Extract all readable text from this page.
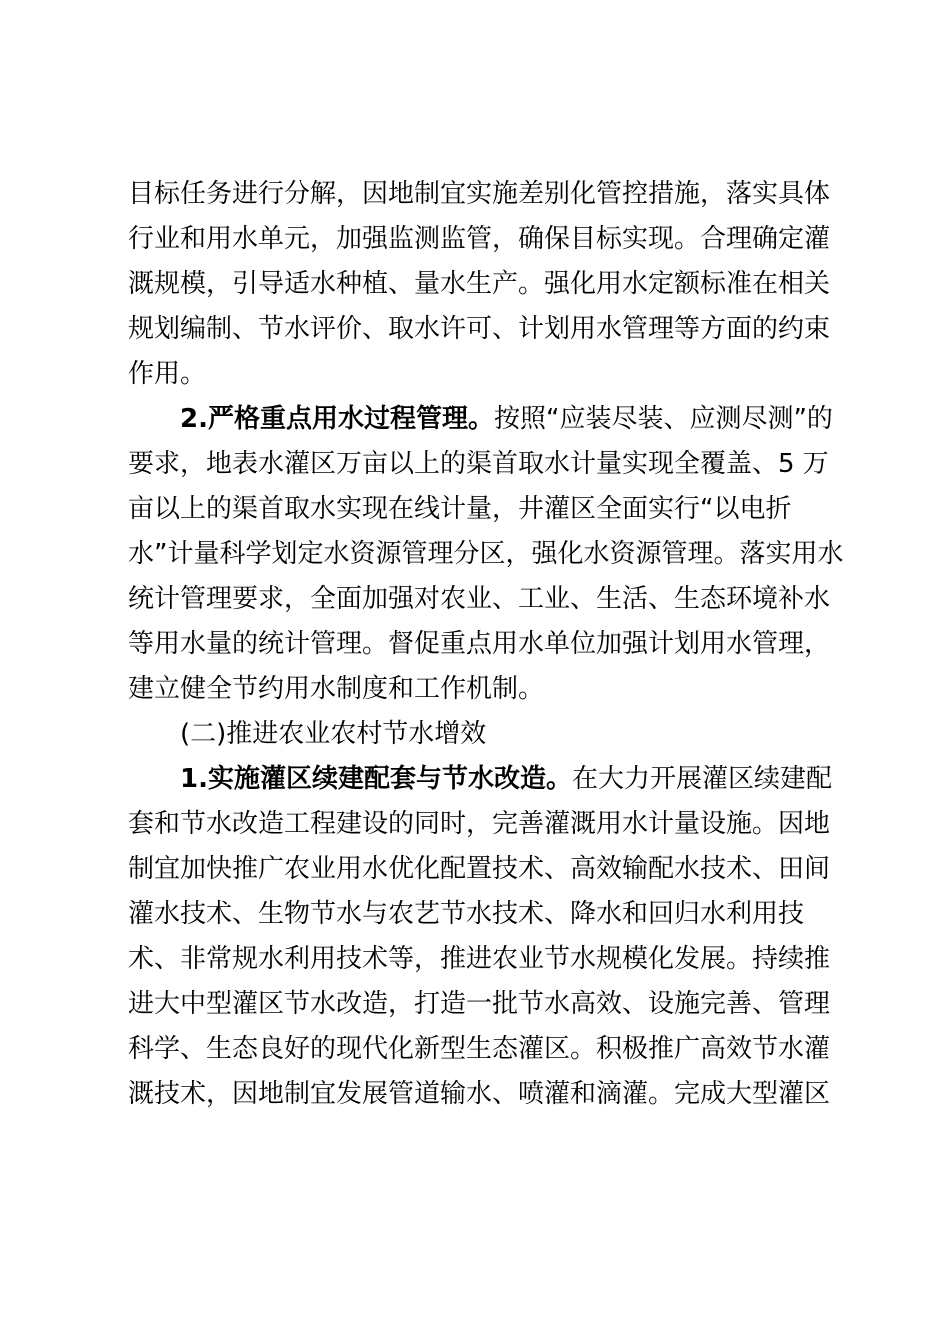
目标任务进行分解，因地制宜实施差别化管控措施，落实具体
行业和用水单元，加强监测监管，确保目标实现。合理确定灌
溉规模，引导适水种植、量水生产。强化用水定额标准在相关
规划编制、节水评价、取水许可、计划用水管理等方面的约束
作用。
2.严格重点用水过程管理。按照“应装尽装、应测尽测”的
要求，地表水灌区万亩以上的渠首取水计量实现全覆盖、5 万
亩以上的渠首取水实现在线计量，井灌区全面实行“以电折
水”计量科学划定水资源管理分区，强化水资源管理。落实用水
统计管理要求，全面加强对农业、工业、生活、生态环境补水
等用水量的统计管理。督促重点用水单位加强计划用水管理，
建立健全节约用水制度和工作机制。
(二)推进农业农村节水增效
1.实施灌区续建配套与节水改造。在大力开展灌区续建配
套和节水改造工程建设的同时，完善灌溉用水计量设施。因地
制宜加快推广农业用水优化配置技术、高效输配水技术、田间
灌水技术、生物节水与农艺节水技术、降水和回归水利用技
术、非常规水利用技术等，推进农业节水规模化发展。持续推
进大中型灌区节水改造，打造一批节水高效、设施完善、管理
科学、生态良好的现代化新型生态灌区。积极推广高效节水灌
溉技术，因地制宜发展管道输水、喷灌和滴灌。完成大型灌区
